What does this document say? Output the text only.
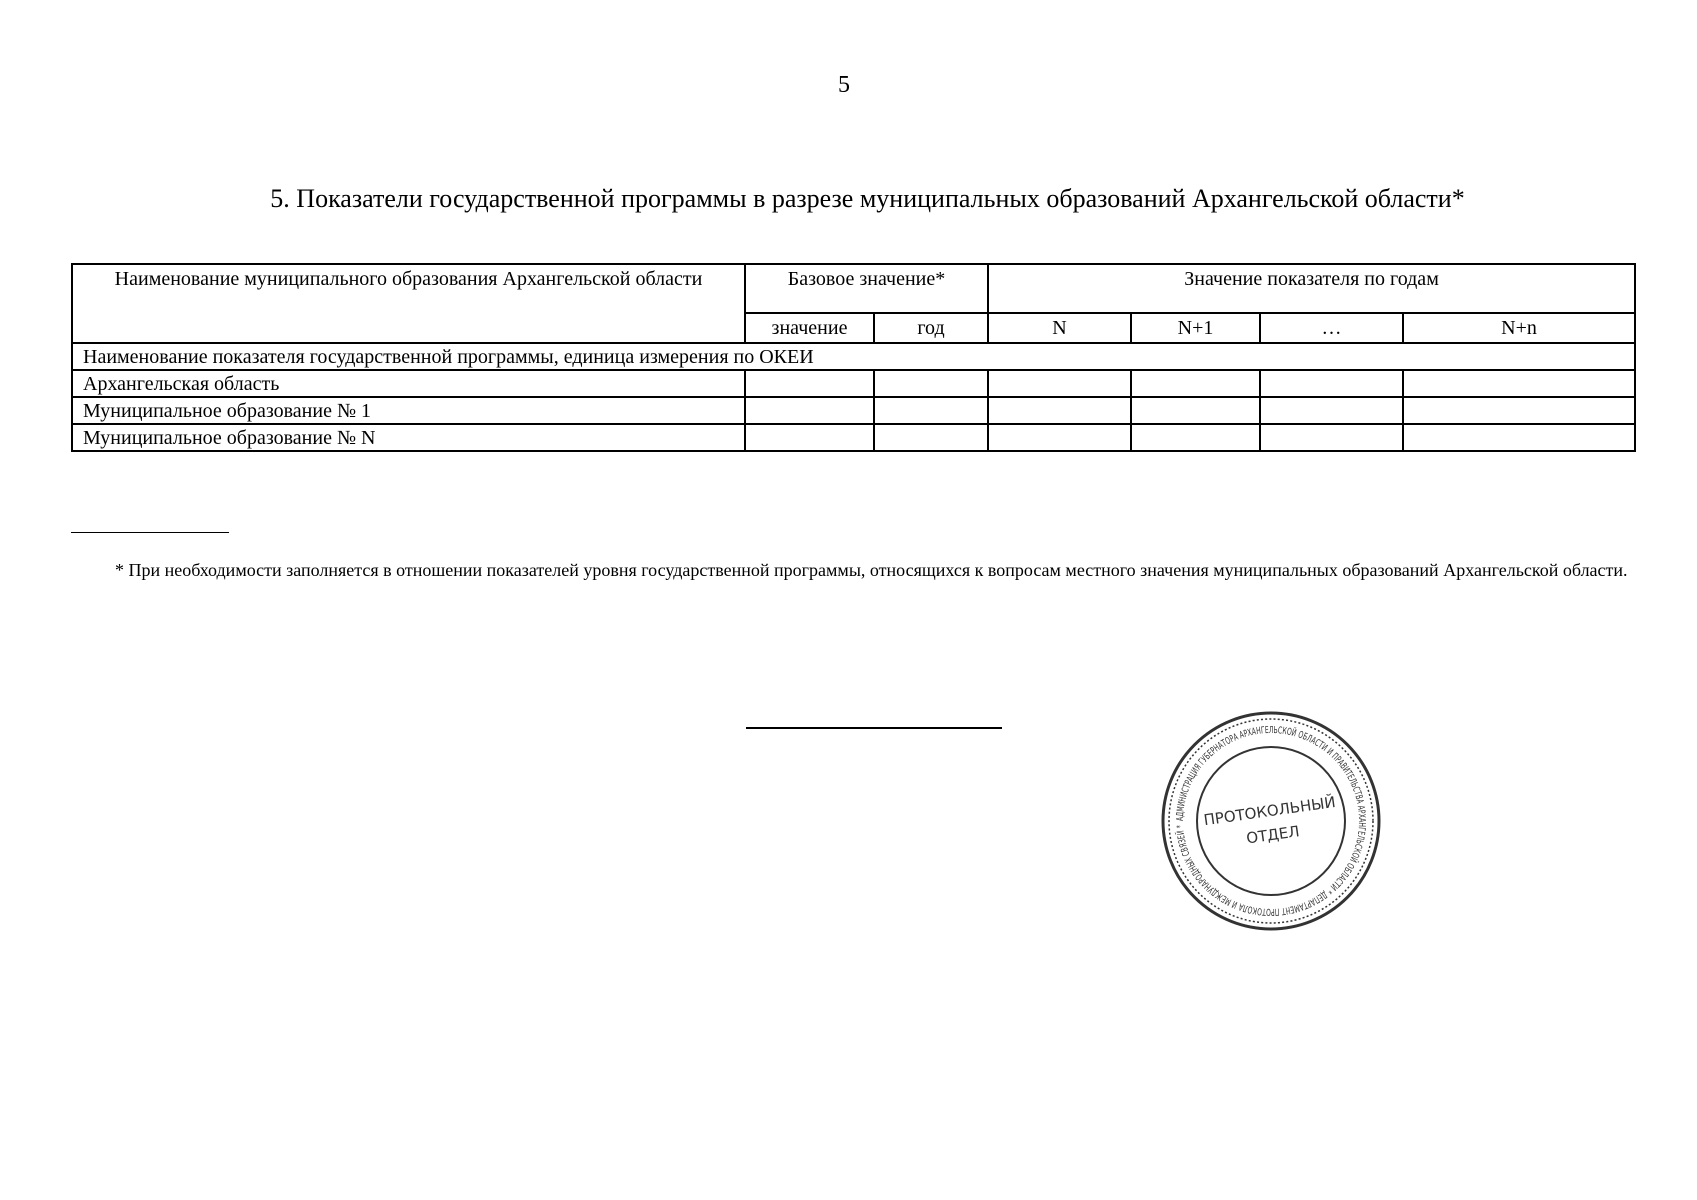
5
5. Показатели государственной программы в разрезе муниципальных образований Архангельской области*
Наименование муниципального образования Архангельской области	Базовое значение*		Значение показателя по годам			
	значение	год	N	N+1	…	N+n
Наименование показателя государственной программы, единица измерения по ОКЕИ						
Архангельская область						
Муниципальное образование № 1						
Муниципальное образование № N						
* При необходимости заполняется в отношении показателей уровня государственной программы, относящихся к вопросам местного значения муниципальных образований Архангельской области.
АДМИНИСТРАЦИЯ ГУБЕРНАТОРА АРХАНГЕЛЬСКОЙ ОБЛАСТИ И ПРАВИТЕЛЬСТВА АРХАНГЕЛЬСКОЙ ОБЛАСТИ * ДЕПАРТАМЕНТ ПРОТОКОЛА И МЕЖДУНАРОДНЫХ СВЯЗЕЙ *	ПРОТОКОЛЬНЫЙ
ОТДЕЛ
